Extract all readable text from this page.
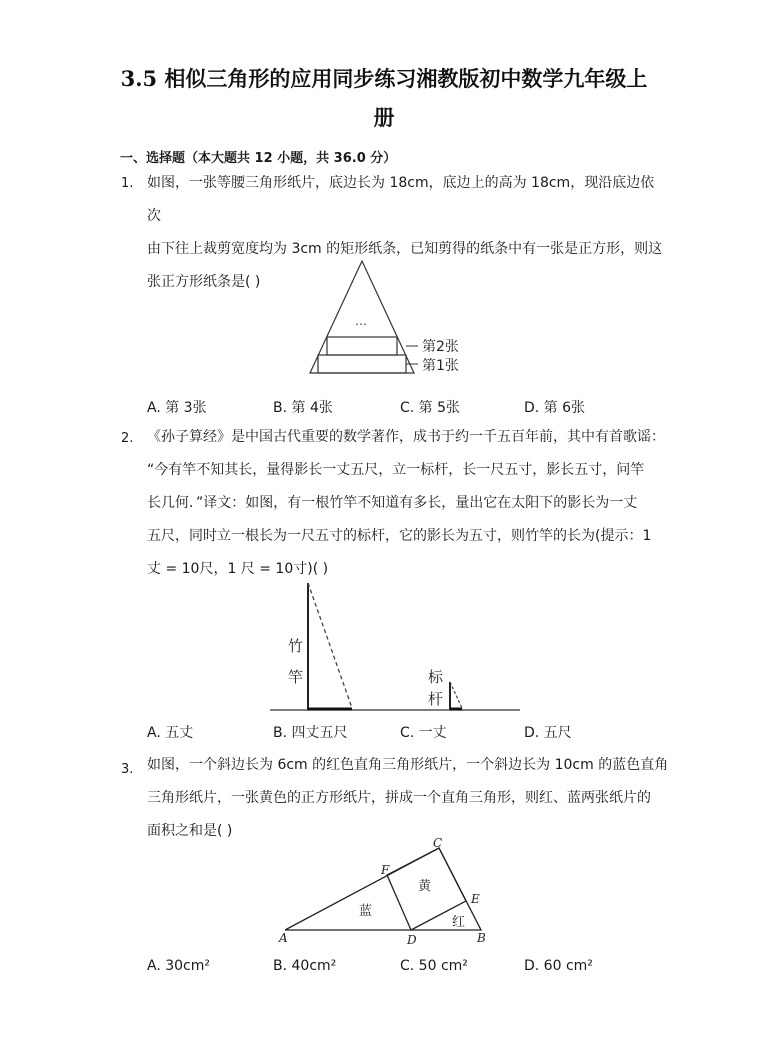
3.5 相似三角形的应用同步练习湘教版初中数学九年级上
册
一、选择题（本大题共 12 小题，共 36.0 分）
1. 如图，一张等腰三角形纸片，底边长为 18cm，底边上的高为 18cm，现沿底边依次
由下往上裁剪宽度均为 3cm 的矩形纸条，已知剪得的纸条中有一张是正方形，则这
张正方形纸条是( )
…
第2张
第1张
A. 第 3张	B. 第 4张	C. 第 5张	D. 第 6张
2. 《孙子算经》是中国古代重要的数学著作，成书于约一千五百年前，其中有首歌谣：
“今有竿不知其长，量得影长一丈五尺，立一标杆，长一尺五寸，影长五寸，问竿
长几何．”译文：如图，有一根竹竿不知道有多长，量出它在太阳下的影长为一丈
五尺，同时立一根长为一尺五寸的标杆，它的影长为五寸，则竹竿的长为(提示：1
丈 = 10尺，1 尺 = 10寸)( )
竹
竿	标
杆
A. 五丈	B. 四丈五尺	C. 一丈	D. 五尺
3. 如图，一个斜边长为 6cm 的红色直角三角形纸片，一个斜边长为 10cm 的蓝色直角
三角形纸片，一张黄色的正方形纸片，拼成一个直角三角形，则红、蓝两张纸片的
面积之和是( )
A	B
C
D
E
F
蓝
黄
红
A. 30cm²	B. 40cm²	C. 50 cm²	D. 60 cm²
